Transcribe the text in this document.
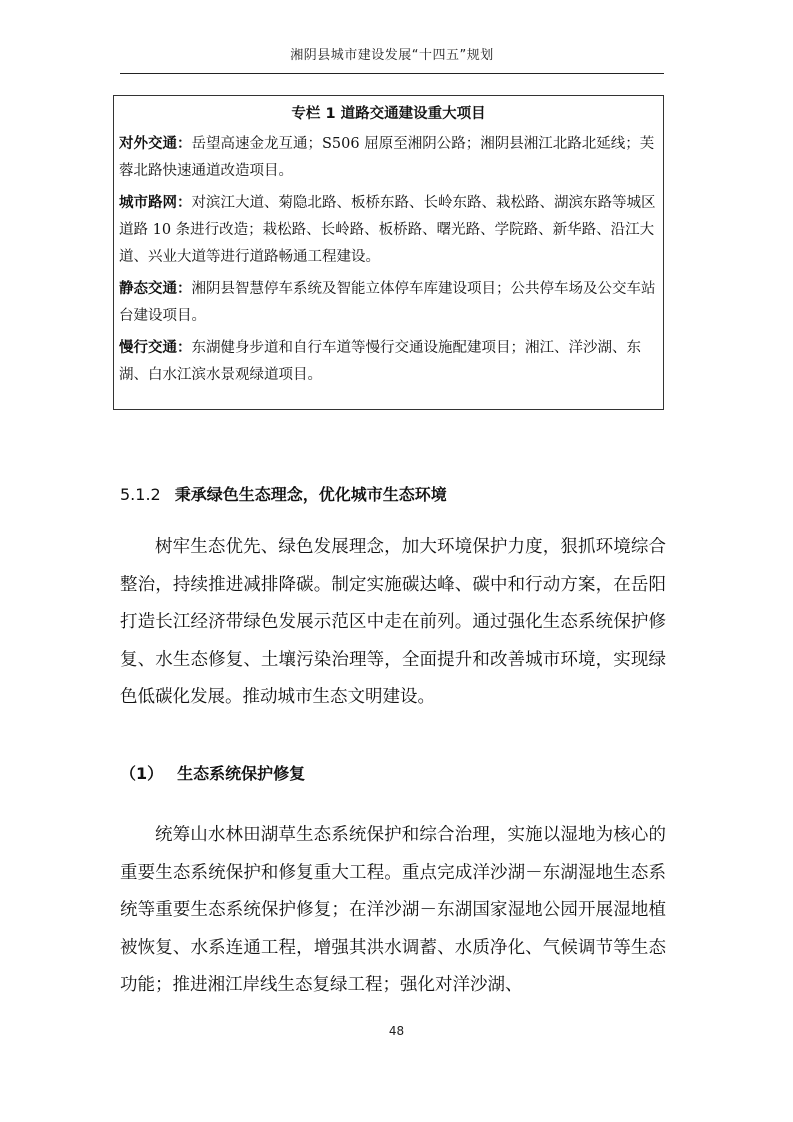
湘阴县城市建设发展“十四五”规划
专栏 1 道路交通建设重大项目
对外交通：岳望高速金龙互通；S506 屈原至湘阴公路；湘阴县湘江北路北延线；芙蓉北路快速通道改造项目。
城市路网：对滨江大道、菊隐北路、板桥东路、长岭东路、栽松路、湖滨东路等城区道路 10 条进行改造；栽松路、长岭路、板桥路、曙光路、学院路、新华路、沿江大道、兴业大道等进行道路畅通工程建设。
静态交通：湘阴县智慧停车系统及智能立体停车库建设项目；公共停车场及公交车站台建设项目。
慢行交通：东湖健身步道和自行车道等慢行交通设施配建项目；湘江、洋沙湖、东湖、白水江滨水景观绿道项目。
5.1.2 秉承绿色生态理念，优化城市生态环境
树牢生态优先、绿色发展理念，加大环境保护力度，狠抓环境综合整治，持续推进减排降碳。制定实施碳达峰、碳中和行动方案，在岳阳打造长江经济带绿色发展示范区中走在前列。通过强化生态系统保护修复、水生态修复、土壤污染治理等，全面提升和改善城市环境，实现绿色低碳化发展。推动城市生态文明建设。
（1） 生态系统保护修复
统筹山水林田湖草生态系统保护和综合治理，实施以湿地为核心的重要生态系统保护和修复重大工程。重点完成洋沙湖－东湖湿地生态系统等重要生态系统保护修复；在洋沙湖－东湖国家湿地公园开展湿地植被恢复、水系连通工程，增强其洪水调蓄、水质净化、气候调节等生态功能；推进湘江岸线生态复绿工程；强化对洋沙湖、
48
